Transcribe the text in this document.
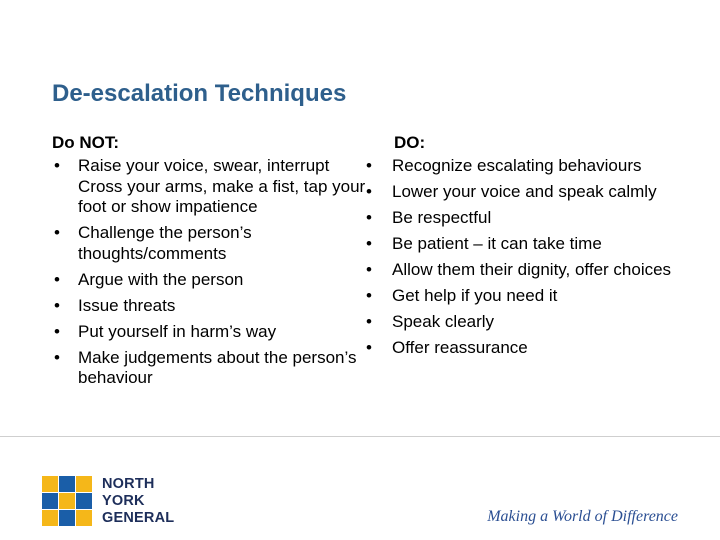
De-escalation Techniques
Do NOT:
• Raise your voice, swear, interrupt Cross your arms, make a fist, tap your foot or show impatience
• Challenge the person’s thoughts/comments
• Argue with the person
• Issue threats
• Put yourself in harm’s way
• Make judgements about the person’s behaviour
DO:
• Recognize escalating behaviours
• Lower your voice and speak calmly
• Be respectful
• Be patient – it can take time
• Allow them their dignity, offer choices
• Get help if you need it
• Speak clearly
• Offer reassurance
NORTH
YORK
GENERAL	Making a World of Difference
